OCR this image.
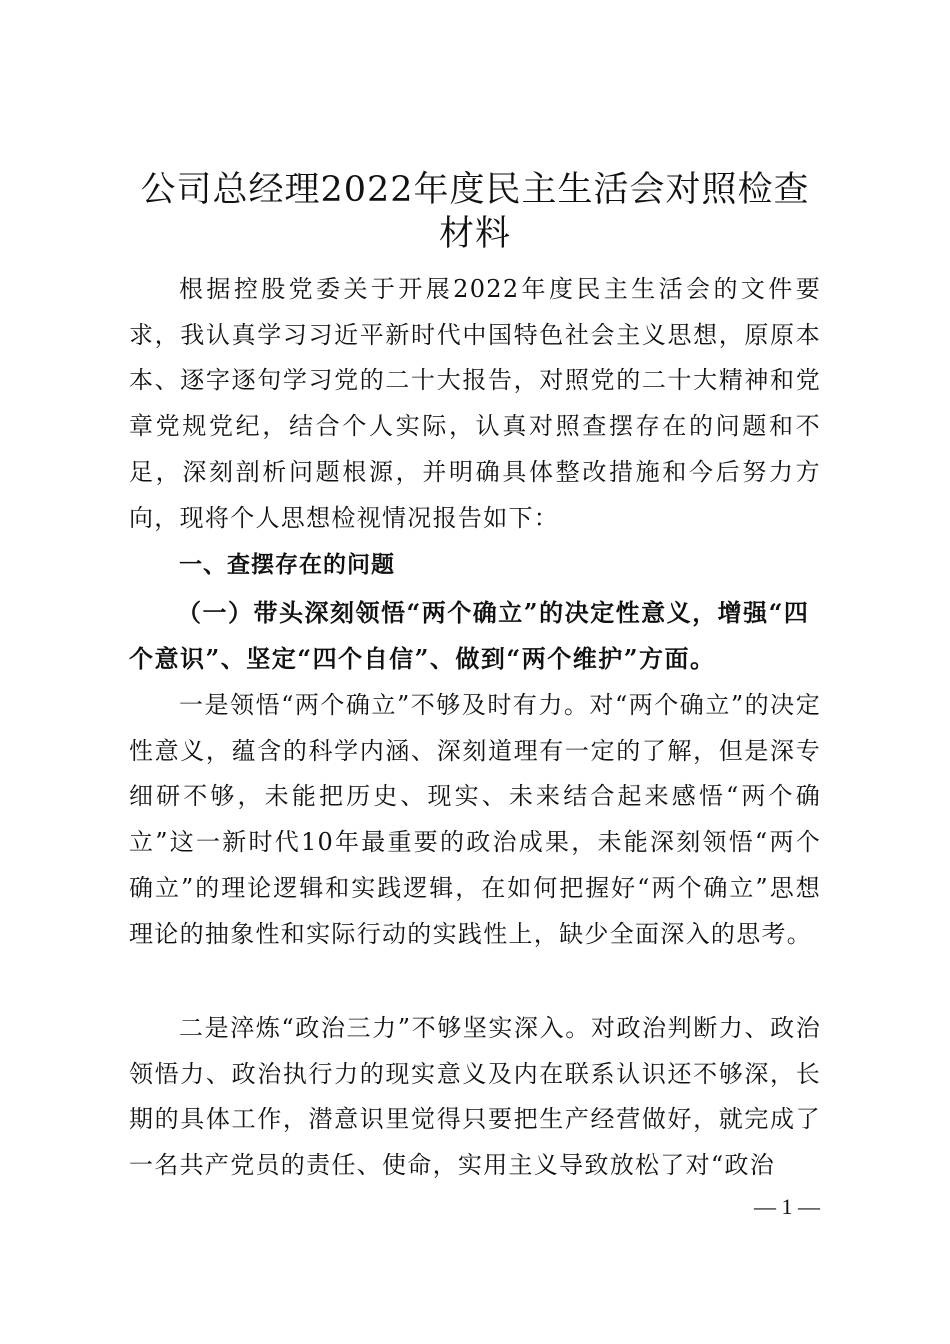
公司总经理2022年度民主生活会对照检查材料

根据控股党委关于开展2022年度民主生活会的文件要求，我认真学习习近平新时代中国特色社会主义思想，原原本本、逐字逐句学习党的二十大报告，对照党的二十大精神和党章党规党纪，结合个人实际，认真对照查摆存在的问题和不足，深刻剖析问题根源，并明确具体整改措施和今后努力方向，现将个人思想检视情况报告如下：

一、查摆存在的问题
（一）带头深刻领悟“两个确立”的决定性意义，增强“四个意识”、坚定“四个自信”、做到“两个维护”方面。

一是领悟“两个确立”不够及时有力。对“两个确立”的决定性意义，蕴含的科学内涵、深刻道理有一定的了解，但是深专细研不够，未能把历史、现实、未来结合起来感悟“两个确立”这一新时代10年最重要的政治成果，未能深刻领悟“两个确立”的理论逻辑和实践逻辑，在如何把握好“两个确立”思想理论的抽象性和实际行动的实践性上，缺少全面深入的思考。

二是淬炼“政治三力”不够坚实深入。对政治判断力、政治领悟力、政治执行力的现实意义及内在联系认识还不够深，长期的具体工作，潜意识里觉得只要把生产经营做好，就完成了一名共产党员的责任、使命，实用主义导致放松了对“政治

— 1 —
